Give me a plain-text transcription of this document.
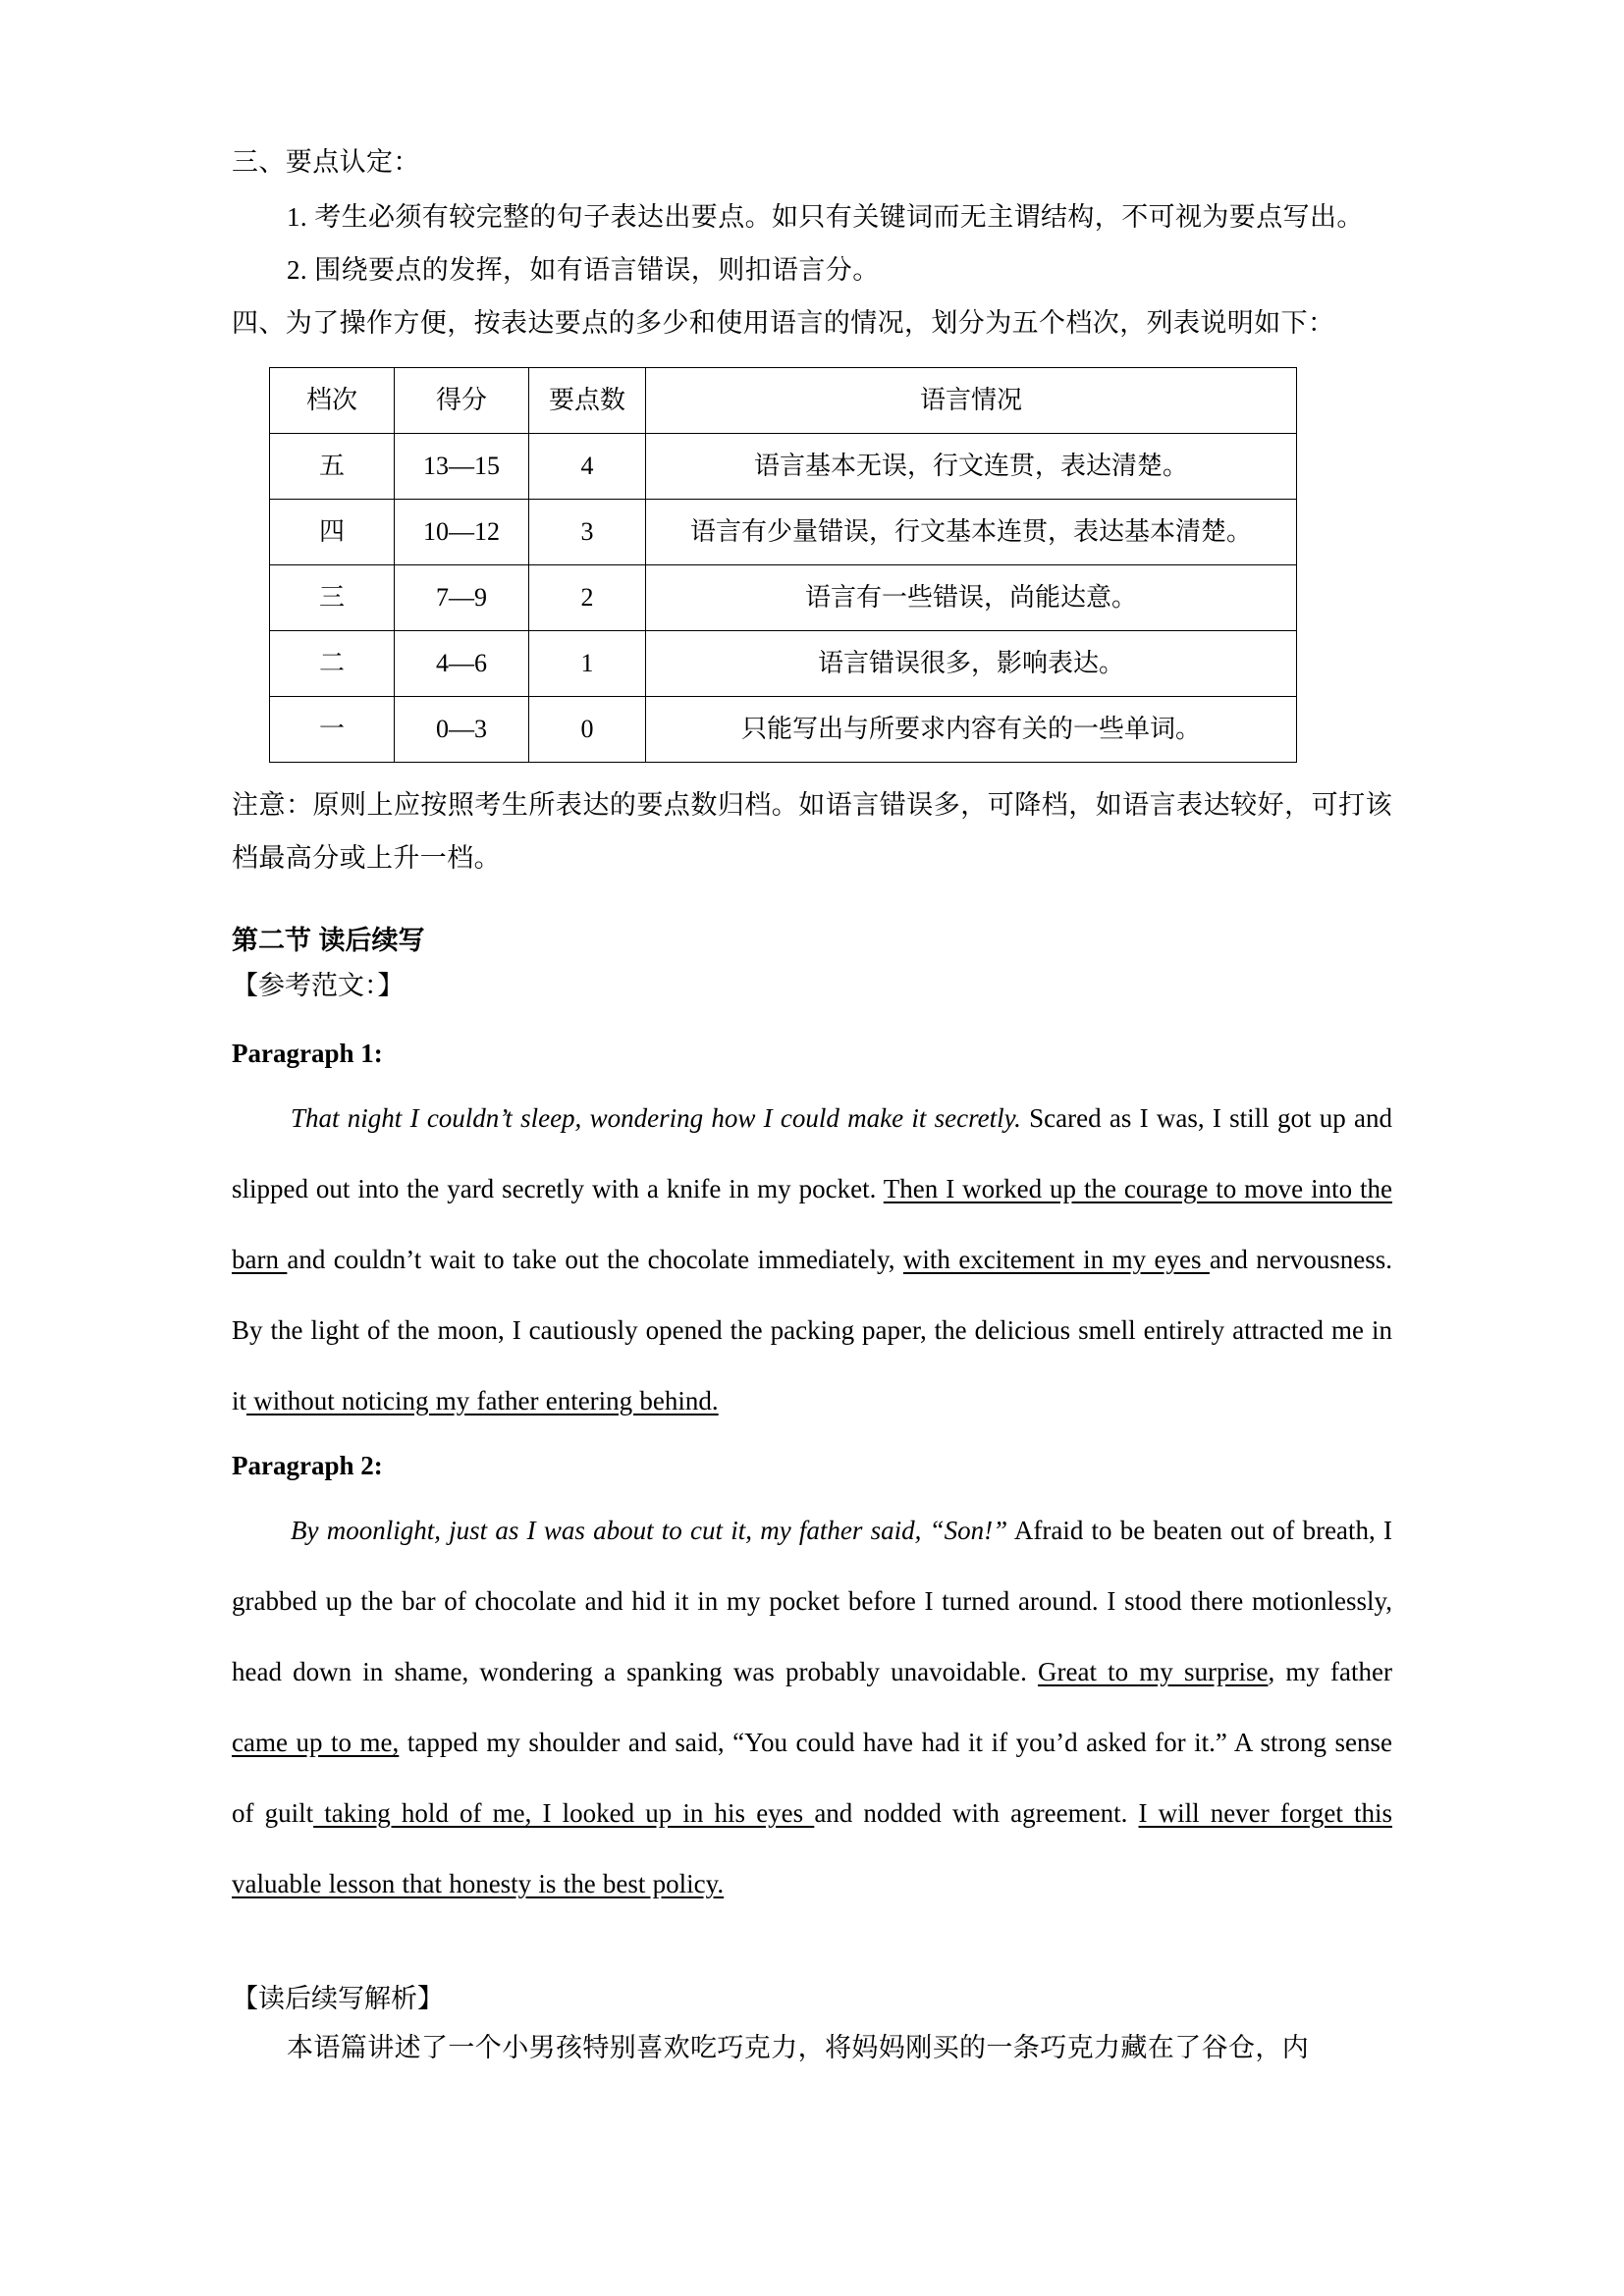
三、要点认定：

1. 考生必须有较完整的句子表达出要点。如只有关键词而无主谓结构，不可视为要点写出。

2. 围绕要点的发挥，如有语言错误，则扣语言分。

四、为了操作方便，按表达要点的多少和使用语言的情况，划分为五个档次，列表说明如下：

档次	得分	要点数	语言情况
五	13—15	4	语言基本无误，行文连贯，表达清楚。
四	10—12	3	语言有少量错误，行文基本连贯，表达基本清楚。
三	7—9	2	语言有一些错误，尚能达意。
二	4—6	1	语言错误很多，影响表达。
一	0—3	0	只能写出与所要求内容有关的一些单词。

注意：原则上应按照考生所表达的要点数归档。如语言错误多，可降档，如语言表达较好，可打该档最高分或上升一档。

第二节 读后续写

【参考范文：】

Paragraph 1:

That night I couldn’t sleep, wondering how I could make it secretly. Scared as I was, I still got up and slipped out into the yard secretly with a knife in my pocket. Then I worked up the courage to move into the barn and couldn’t wait to take out the chocolate immediately, with excitement in my eyes and nervousness. By the light of the moon, I cautiously opened the packing paper, the delicious smell entirely attracted me in it without noticing my father entering behind.

Paragraph 2:

By moonlight, just as I was about to cut it, my father said, “Son!” Afraid to be beaten out of breath, I grabbed up the bar of chocolate and hid it in my pocket before I turned around. I stood there motionlessly, head down in shame, wondering a spanking was probably unavoidable. Great to my surprise, my father came up to me, tapped my shoulder and said, “You could have had it if you’d asked for it.” A strong sense of guilt taking hold of me, I looked up in his eyes and nodded with agreement. I will never forget this valuable lesson that honesty is the best policy.

【读后续写解析】

本语篇讲述了一个小男孩特别喜欢吃巧克力，将妈妈刚买的一条巧克力藏在了谷仓，内
